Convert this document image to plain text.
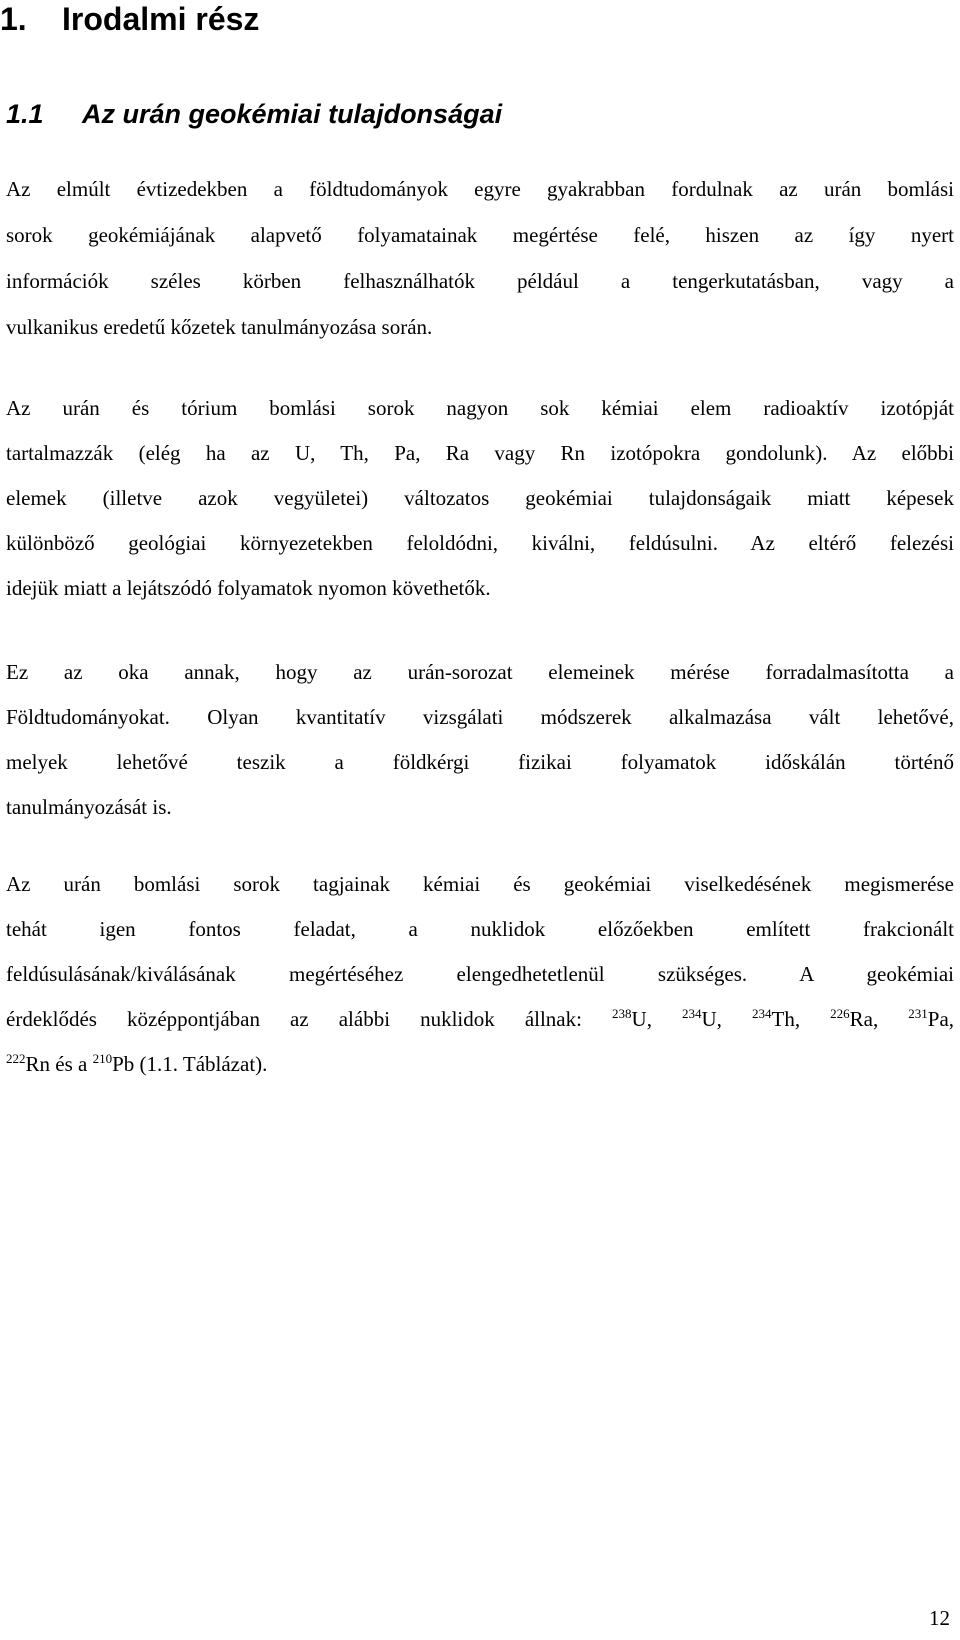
1. Irodalmi rész
1.1 Az urán geokémiai tulajdonságai
Az elmúlt évtizedekben a földtudományok egyre gyakrabban fordulnak az urán bomlási
sorok geokémiájának alapvető folyamatainak megértése felé, hiszen az így nyert
információk széles körben felhasználhatók például a tengerkutatásban, vagy a
vulkanikus eredetű kőzetek tanulmányozása során.
Az urán és tórium bomlási sorok nagyon sok kémiai elem radioaktív izotópját
tartalmazzák (elég ha az U, Th, Pa, Ra vagy Rn izotópokra gondolunk). Az előbbi
elemek (illetve azok vegyületei) változatos geokémiai tulajdonságaik miatt képesek
különböző geológiai környezetekben feloldódni, kiválni, feldúsulni. Az eltérő felezési
idejük miatt a lejátszódó folyamatok nyomon követhetők.
Ez az oka annak, hogy az urán-sorozat elemeinek mérése forradalmasította a
Földtudományokat. Olyan kvantitatív vizsgálati módszerek alkalmazása vált lehetővé,
melyek lehetővé teszik a földkérgi fizikai folyamatok időskálán történő
tanulmányozását is.
Az urán bomlási sorok tagjainak kémiai és geokémiai viselkedésének megismerése
tehát igen fontos feladat, a nuklidok előzőekben említett frakcionált
feldúsulásának/kiválásának megértéséhez elengedhetetlenül szükséges. A geokémiai
érdeklődés középpontjában az alábbi nuklidok állnak: $^{238}$U, $^{234}$U, $^{234}$Th, $^{226}$Ra, $^{231}$Pa,
$^{222}$Rn és a $^{210}$Pb (1.1. Táblázat).
12
